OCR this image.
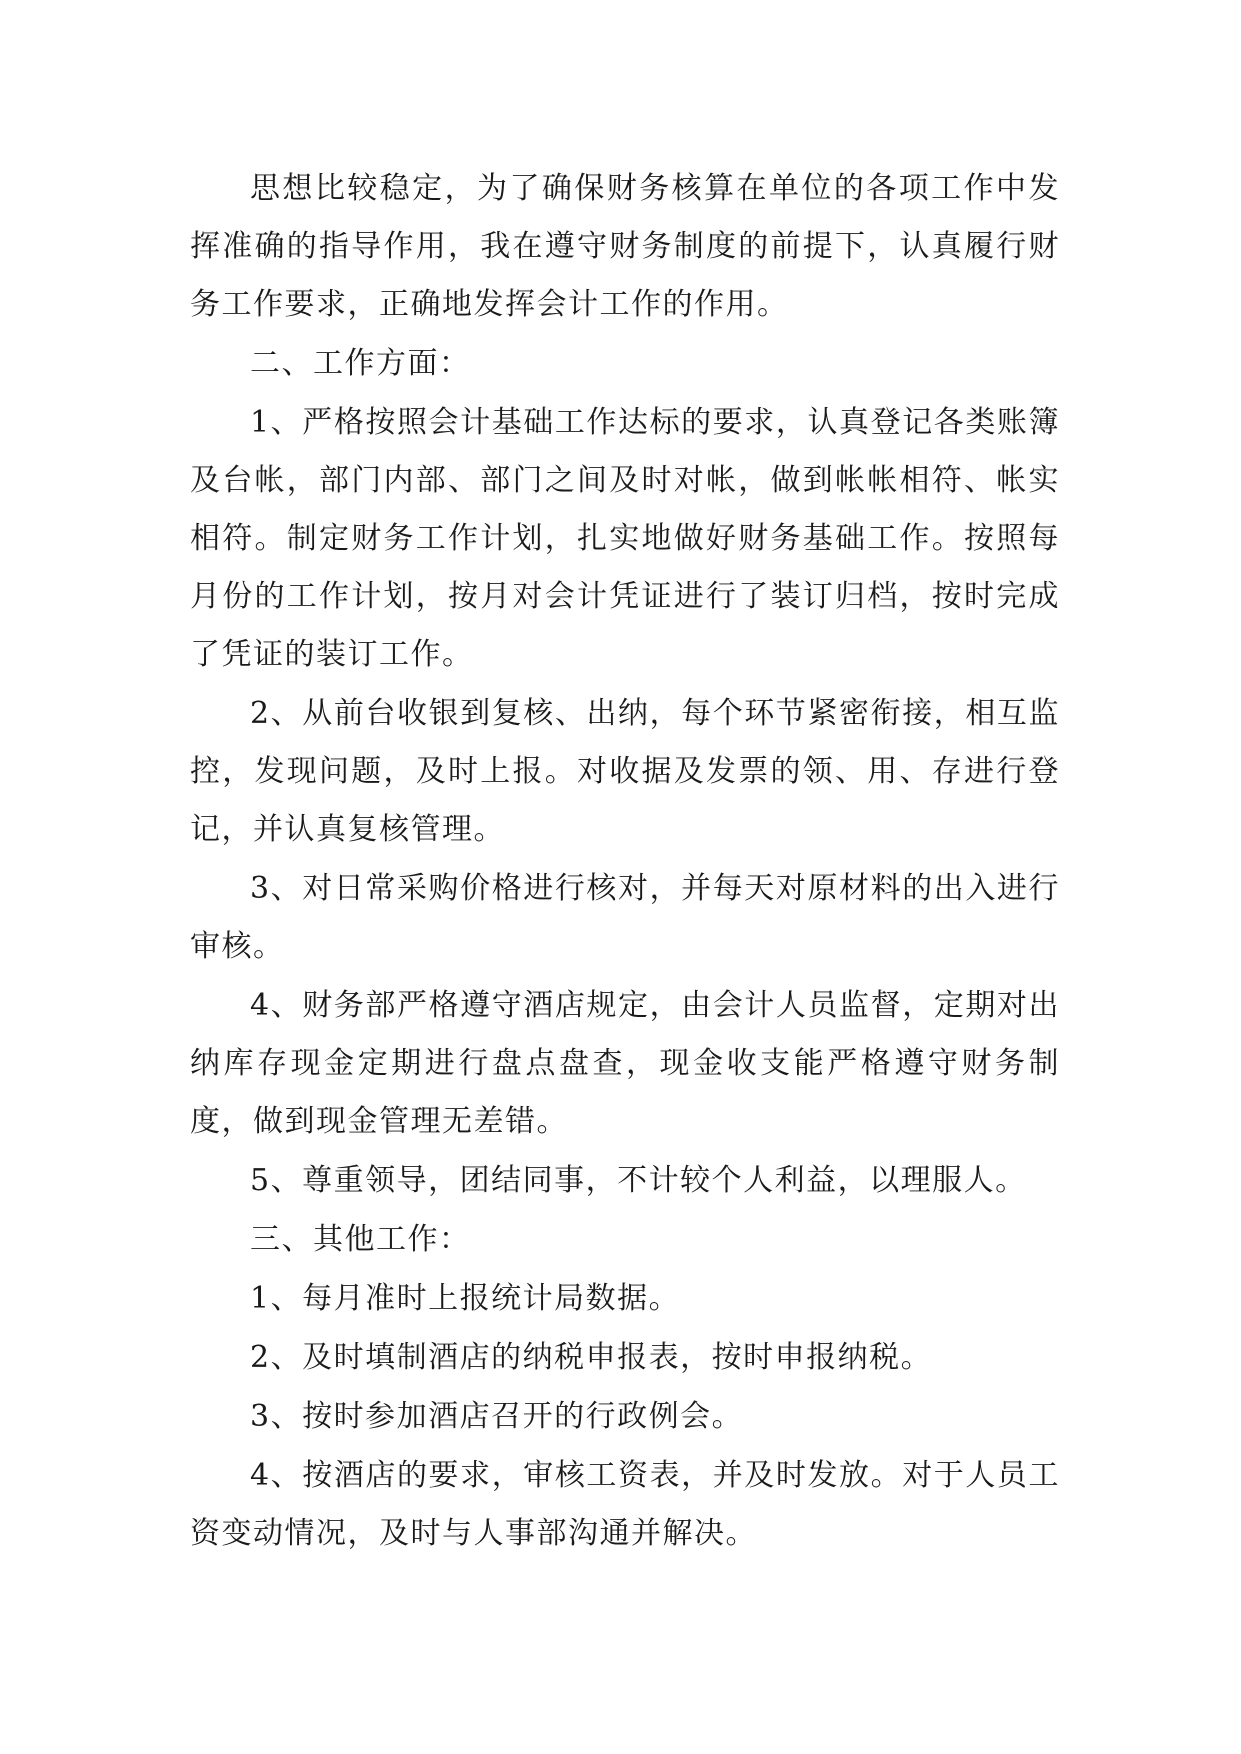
思想比较稳定，为了确保财务核算在单位的各项工作中发挥准确的指导作用，我在遵守财务制度的前提下，认真履行财务工作要求，正确地发挥会计工作的作用。

二、工作方面：

1、严格按照会计基础工作达标的要求，认真登记各类账簿及台帐，部门内部、部门之间及时对帐，做到帐帐相符、帐实相符。制定财务工作计划，扎实地做好财务基础工作。按照每月份的工作计划，按月对会计凭证进行了装订归档，按时完成了凭证的装订工作。

2、从前台收银到复核、出纳，每个环节紧密衔接，相互监控，发现问题，及时上报。对收据及发票的领、用、存进行登记，并认真复核管理。

3、对日常采购价格进行核对，并每天对原材料的出入进行审核。

4、财务部严格遵守酒店规定，由会计人员监督，定期对出纳库存现金定期进行盘点盘查，现金收支能严格遵守财务制度，做到现金管理无差错。

5、尊重领导，团结同事，不计较个人利益，以理服人。

三、其他工作：

1、每月准时上报统计局数据。

2、及时填制酒店的纳税申报表，按时申报纳税。

3、按时参加酒店召开的行政例会。

4、按酒店的要求，审核工资表，并及时发放。对于人员工资变动情况，及时与人事部沟通并解决。
